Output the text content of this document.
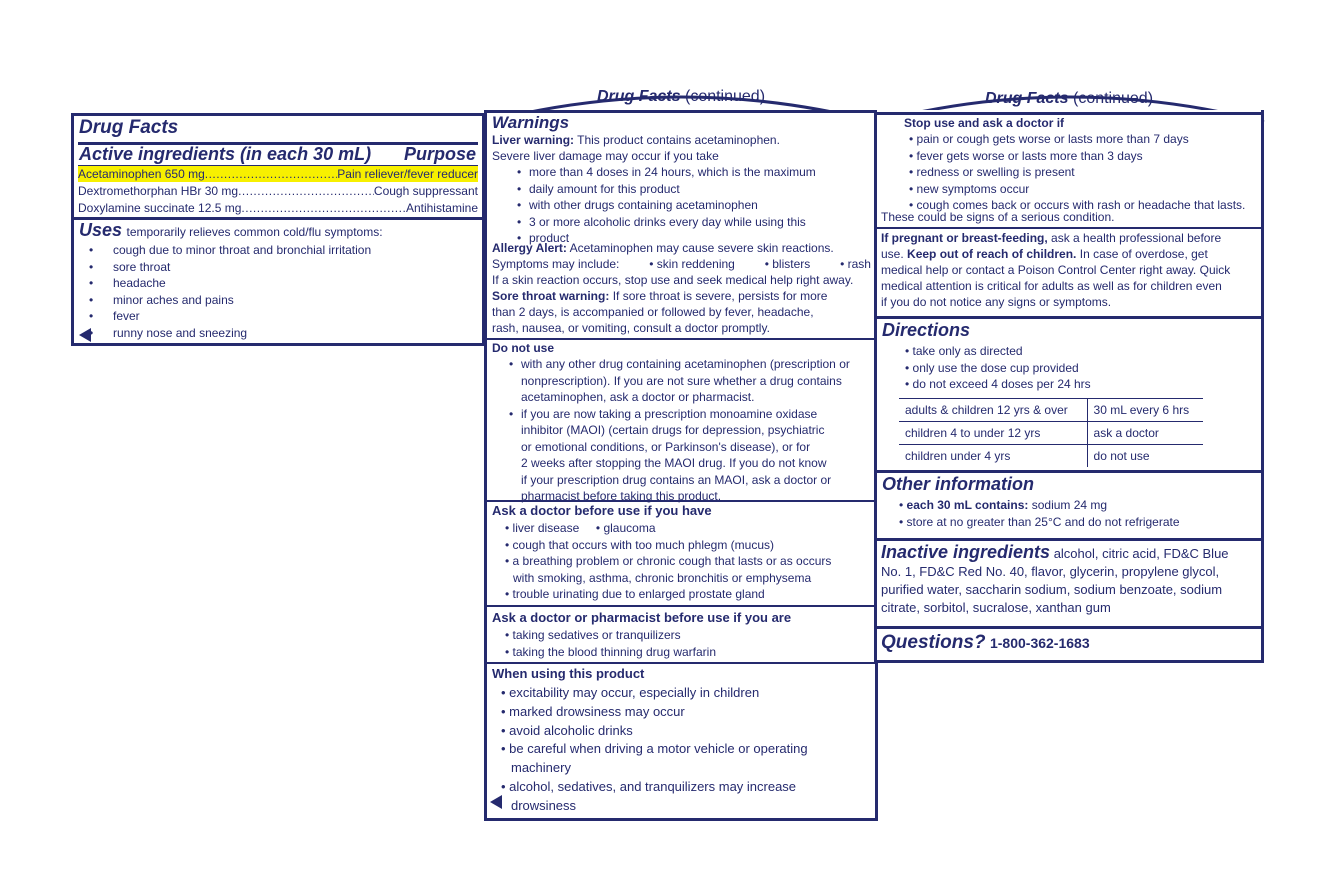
Drug Facts
Active ingredients (in each 30 mL) Purpose
Acetaminophen 650 mg .....	Pain reliever/fever reducer
Dextromethorphan HBr 30 mg .....	Cough suppressant
Doxylamine succinate 12.5 mg .....	Antihistamine
Uses temporarily relieves common cold/flu symptoms:
• cough due to minor throat and bronchial irritation
• sore throat
• headache
• minor aches and pains
• fever
• runny nose and sneezing
Drug Facts (continued)
Warnings
Liver warning: This product contains acetaminophen.
Severe liver damage may occur if you take
• more than 4 doses in 24 hours, which is the maximum
• daily amount for this product
• with other drugs containing acetaminophen
• 3 or more alcoholic drinks every day while using this
• product
Allergy Alert: Acetaminophen may cause severe skin reactions.
Symptoms may include: • skin reddening • blisters • rash
If a skin reaction occurs, stop use and seek medical help right away.
Sore throat warning: If sore throat is severe, persists for more
than 2 days, is accompanied or followed by fever, headache,
rash, nausea, or vomiting, consult a doctor promptly.
Do not use
• with any other drug containing acetaminophen (prescription or
nonprescription). If you are not sure whether a drug contains
acetaminophen, ask a doctor or pharmacist.
• if you are now taking a prescription monoamine oxidase
inhibitor (MAOI) (certain drugs for depression, psychiatric
or emotional conditions, or Parkinson's disease), or for
2 weeks after stopping the MAOI drug. If you do not know
if your prescription drug contains an MAOI, ask a doctor or
pharmacist before taking this product.
Ask a doctor before use if you have
• liver disease     • glaucoma
• cough that occurs with too much phlegm (mucus)
• a breathing problem or chronic cough that lasts or as occurs
with smoking, asthma, chronic bronchitis or emphysema
• trouble urinating due to enlarged prostate gland
Ask a doctor or pharmacist before use if you are
• taking sedatives or tranquilizers
• taking the blood thinning drug warfarin
When using this product
• excitability may occur, especially in children
• marked drowsiness may occur
• avoid alcoholic drinks
• be careful when driving a motor vehicle or operating
machinery
• alcohol, sedatives, and tranquilizers may increase
drowsiness
Drug Facts (continued)
Stop use and ask a doctor if
• pain or cough gets worse or lasts more than 7 days
• fever gets worse or lasts more than 3 days
• redness or swelling is present
• new symptoms occur
• cough comes back or occurs with rash or headache that lasts.
These could be signs of a serious condition.
If pregnant or breast-feeding, ask a health professional before
use. Keep out of reach of children. In case of overdose, get
medical help or contact a Poison Control Center right away. Quick
medical attention is critical for adults as well as for children even
if you do not notice any signs or symptoms.
Directions
• take only as directed
• only use the dose cup provided
• do not exceed 4 doses per 24 hrs
adults & children 12 yrs & over	30 mL every 6 hrs
children 4 to under 12 yrs	ask a doctor
children under 4 yrs	do not use
Other information
• each 30 mL contains: sodium 24 mg
• store at no greater than 25°C and do not refrigerate
Inactive ingredients alcohol, citric acid, FD&C Blue
No. 1, FD&C Red No. 40, flavor, glycerin, propylene glycol,
purified water, saccharin sodium, sodium benzoate, sodium
citrate, sorbitol, sucralose, xanthan gum
Questions? 1-800-362-1683
